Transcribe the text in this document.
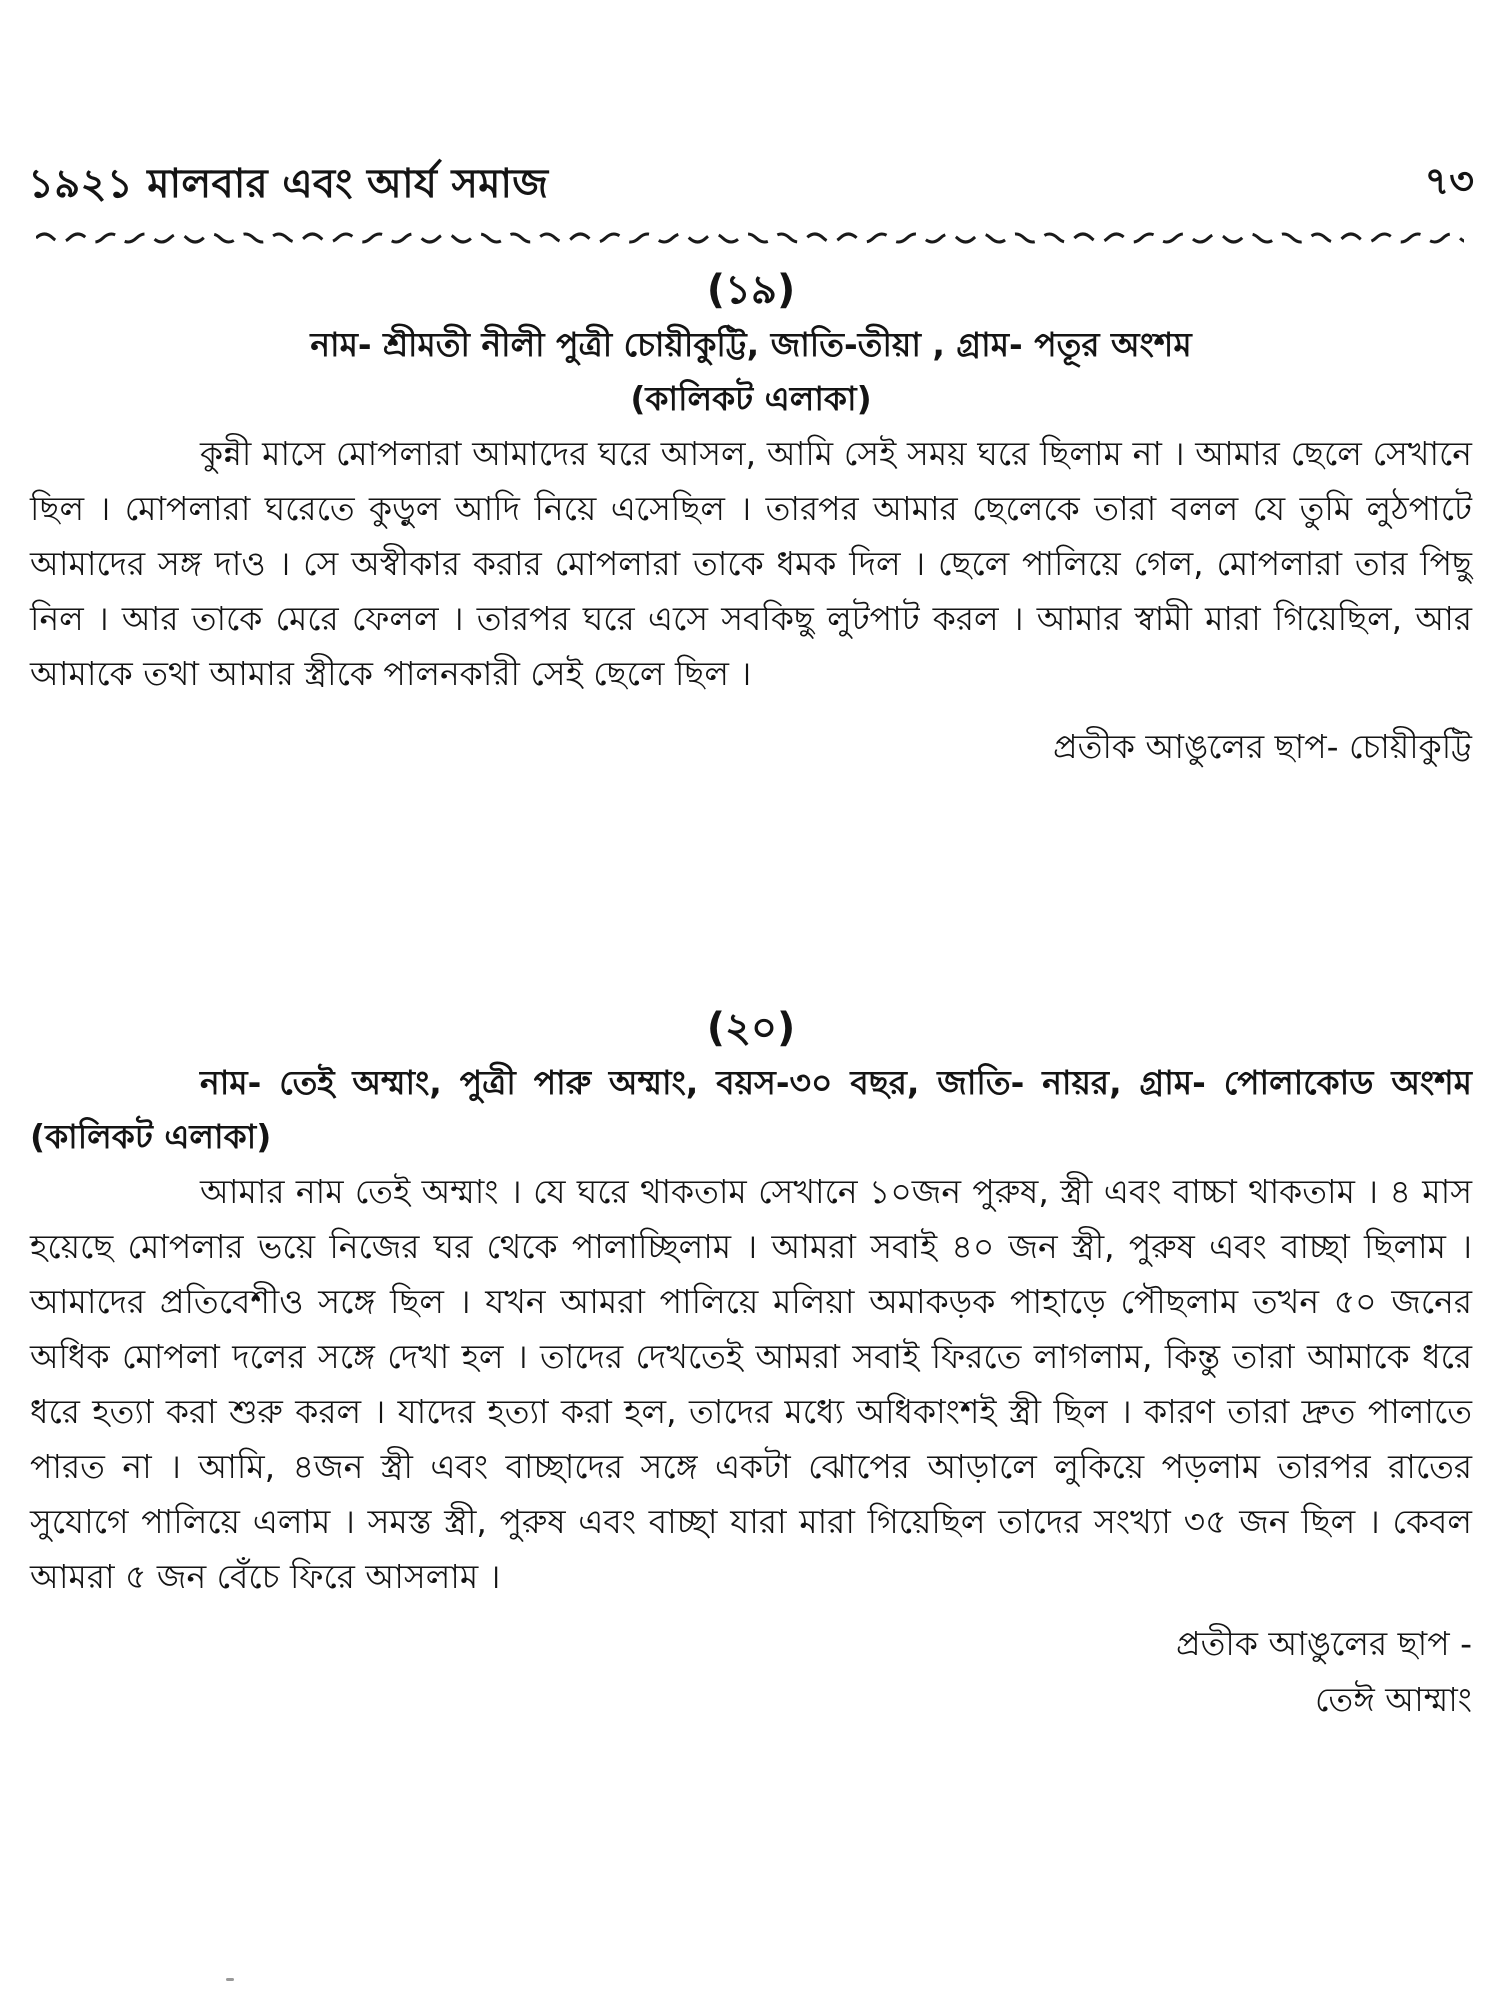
১৯২১ মালবার এবং আর্য সমাজ	৭৩
(১৯)
নাম- শ্রীমতী নীলী পুত্রী চোয়ীকুট্টি, জাতি-তীয়া , গ্রাম- পতূর অংশম
(কালিকট এলাকা)

কুন্নী মাসে মোপলারা আমাদের ঘরে আসল, আমি সেই সময় ঘরে ছিলাম না । আমার ছেলে সেখানে ছিল । মোপলারা ঘরেতে কুড়ুল আদি নিয়ে এসেছিল । তারপর আমার ছেলেকে তারা বলল যে তুমি লুঠপাটে আমাদের সঙ্গ দাও । সে অস্বীকার করার মোপলারা তাকে ধমক দিল । ছেলে পালিয়ে গেল, মোপলারা তার পিছু নিল । আর তাকে মেরে ফেলল । তারপর ঘরে এসে সবকিছু লুটপাট করল । আমার স্বামী মারা গিয়েছিল, আর আমাকে তথা আমার স্ত্রীকে পালনকারী সেই ছেলে ছিল ।

প্রতীক আঙুলের ছাপ- চোয়ীকুট্টি
(২০)
নাম- তেই অম্মাং, পুত্রী পারু অম্মাং, বয়স-৩০ বছর, জাতি- নায়র, গ্রাম- পোলাকোড অংশম (কালিকট এলাকা)

আমার নাম তেই অম্মাং । যে ঘরে থাকতাম সেখানে ১০জন পুরুষ, স্ত্রী এবং বাচ্চা থাকতাম । ৪ মাস হয়েছে মোপলার ভয়ে নিজের ঘর থেকে পালাচ্ছিলাম । আমরা সবাই ৪০ জন স্ত্রী, পুরুষ এবং বাচ্ছা ছিলাম । আমাদের প্রতিবেশীও সঙ্গে ছিল । যখন আমরা পালিয়ে মলিয়া অমাকড়ক পাহাড়ে পৌছলাম তখন ৫০ জনের অধিক মোপলা দলের সঙ্গে দেখা হল । তাদের দেখতেই আমরা সবাই ফিরতে লাগলাম, কিন্তু তারা আমাকে ধরে ধরে হত্যা করা শুরু করল । যাদের হত্যা করা হল, তাদের মধ্যে অধিকাংশই স্ত্রী ছিল । কারণ তারা দ্রুত পালাতে পারত না । আমি, ৪জন স্ত্রী এবং বাচ্ছাদের সঙ্গে একটা ঝোপের আড়ালে লুকিয়ে পড়লাম তারপর রাতের সুযোগে পালিয়ে এলাম । সমস্ত স্ত্রী, পুরুষ এবং বাচ্ছা যারা মারা গিয়েছিল তাদের সংখ্যা ৩৫ জন ছিল । কেবল আমরা ৫ জন বেঁচে ফিরে আসলাম ।

প্রতীক আঙুলের ছাপ -
তেঈ আম্মাং
